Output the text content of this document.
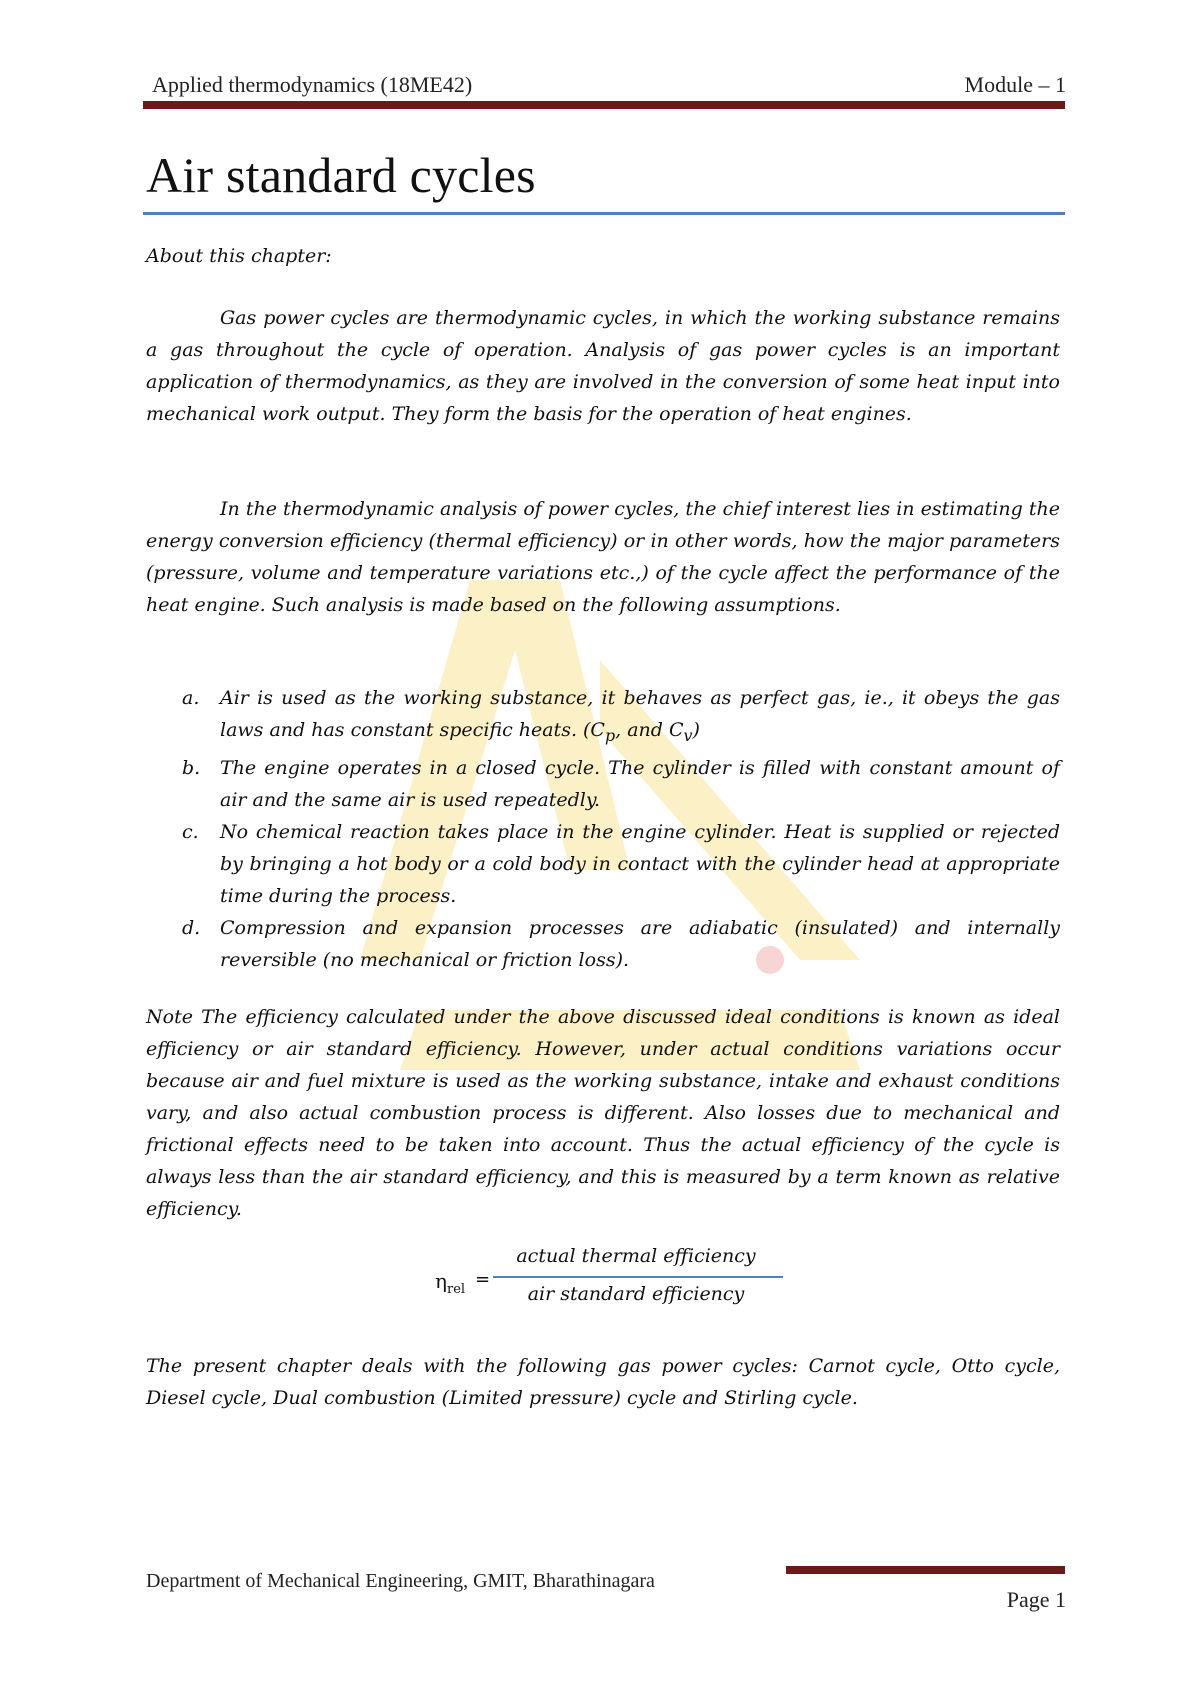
Applied thermodynamics (18ME42)	Module – 1
Air standard cycles
About this chapter:
Gas power cycles are thermodynamic cycles, in which the working substance remains a gas throughout the cycle of operation. Analysis of gas power cycles is an important application of thermodynamics, as they are involved in the conversion of some heat input into mechanical work output. They form the basis for the operation of heat engines.
In the thermodynamic analysis of power cycles, the chief interest lies in estimating the energy conversion efficiency (thermal efficiency) or in other words, how the major parameters (pressure, volume and temperature variations etc.,) of the cycle affect the performance of the heat engine. Such analysis is made based on the following assumptions.
a. Air is used as the working substance, it behaves as perfect gas, ie., it obeys the gas laws and has constant specific heats. ($C_p$, and $C_v$)
b. The engine operates in a closed cycle. The cylinder is filled with constant amount of air and the same air is used repeatedly.
c. No chemical reaction takes place in the engine cylinder. Heat is supplied or rejected by bringing a hot body or a cold body in contact with the cylinder head at appropriate time during the process.
d. Compression and expansion processes are adiabatic (insulated) and internally reversible (no mechanical or friction loss).
Note The efficiency calculated under the above discussed ideal conditions is known as ideal efficiency or air standard efficiency. However, under actual conditions variations occur because air and fuel mixture is used as the working substance, intake and exhaust conditions vary, and also actual combustion process is different. Also losses due to mechanical and frictional effects need to be taken into account. Thus the actual efficiency of the cycle is always less than the air standard efficiency, and this is measured by a term known as relative efficiency.
$\eta_{rel}$ =
actual thermal efficiency
air standard efficiency
The present chapter deals with the following gas power cycles: Carnot cycle, Otto cycle, Diesel cycle, Dual combustion (Limited pressure) cycle and Stirling cycle.
Department of Mechanical Engineering, GMIT, Bharathinagara
Page 1
